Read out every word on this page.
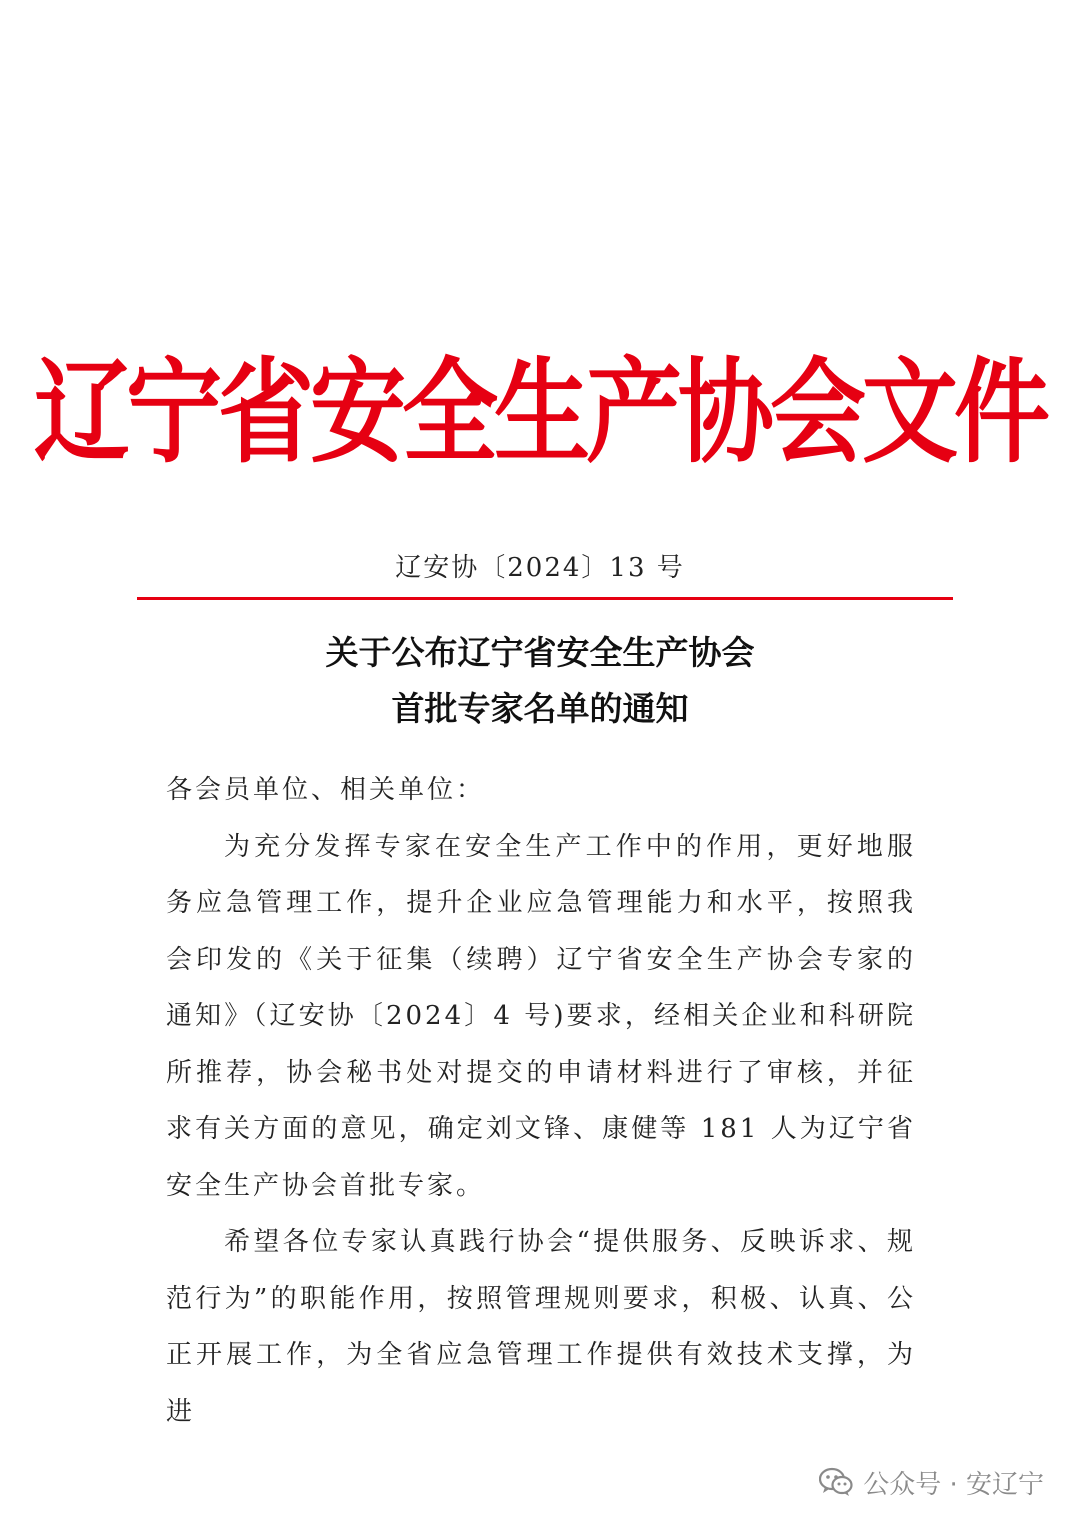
辽宁省安全生产协会文件
辽安协〔2024〕13 号
关于公布辽宁省安全生产协会
首批专家名单的通知

各会员单位、相关单位：

为充分发挥专家在安全生产工作中的作用，更好地服务应急管理工作，提升企业应急管理能力和水平，按照我会印发的《关于征集（续聘）辽宁省安全生产协会专家的通知》（辽安协〔2024〕4 号)要求，经相关企业和科研院所推荐，协会秘书处对提交的申请材料进行了审核，并征求有关方面的意见，确定刘文锋、康健等 181 人为辽宁省安全生产协会首批专家。

希望各位专家认真践行协会“提供服务、反映诉求、规范行为”的职能作用，按照管理规则要求，积极、认真、公正开展工作，为全省应急管理工作提供有效技术支撑，为进

公众号 · 安辽宁
